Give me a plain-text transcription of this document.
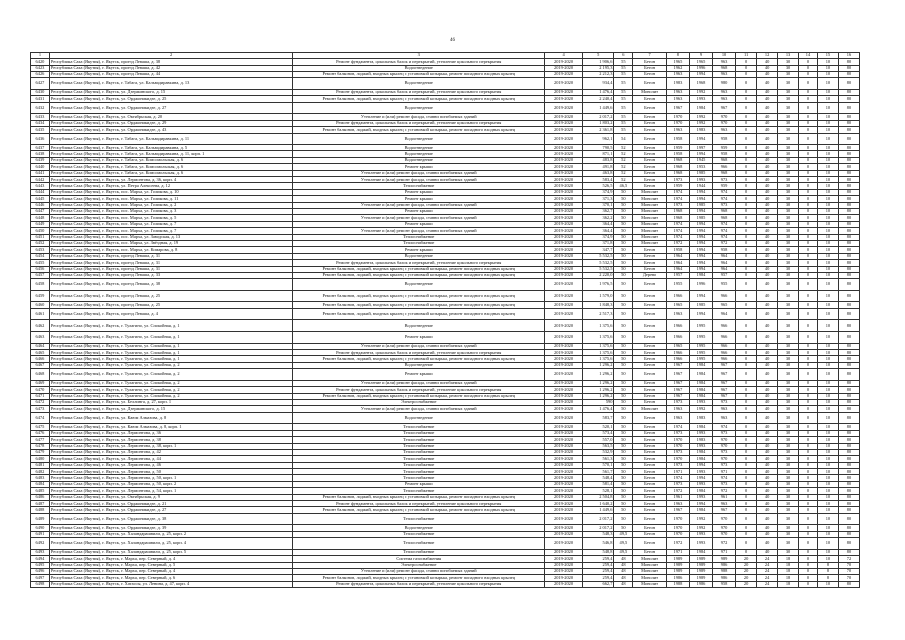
46
1	2	3	4	5	6	7	8	9	10	11	12	13	14	15	16
6420	Республика Саха (Якутия), г. Якутск, проезд Леваша, д. 38	Ремонт фундамента, цокольных балок и перекрытий, утепление цокольного перекрытия	2019-2020	1 906,6	55	Бетон	1965	1965	963	0	40	30	0	10	80
6423	Республика Саха (Якутия), г. Якутск, проезд Леваша, д. 42	Водоотведение	2019-2020	2 195,3	55	Бетон	1962	1996	968	0	40	30	0	10	80
6426	Республика Саха (Якутия), г. Якутск, проезд Леваша, д. 44	Ремонт балконов, лоджий, входных крылец с установкой козырька, ремонт попадного входных крылец	2019-2020	2 212,3	55	Бетон	1963	1994	963	0	40	30	0	10	80
6427	Республика Саха (Якутия), г. Якутск, г. Табага, ул. Кальвадиравкина, д. 13	Водоотведение	2019-2020	934,4	55	Бетон	1983	1968	980	0	40	30	0	10	80
6430	Республика Саха (Якутия), г. Якутск, ул. Дзержинского, д. 15	Ремонт фундамента, цокольных балок и перекрытий, утепление цокольного перекрытия	2019-2020	1 476,4	55	Монолит	1963	1992	963	0	40	30	0	10	80
6431	Республика Саха (Якутия), г. Якутск, ул. Орджоникидзе, д. 25	Ремонт балконов, лоджий, входных крылец с установкой козырька, ремонт попадного входных крылец	2019-2020	2 240,4	55	Бетон	1963	1993	963	0	40	30	0	10	80
6432	Республика Саха (Якутия), г. Якутск, ул. Орджоникидзе, д. 27	Водоотведение	2019-2020	1 449,6	55	Бетон	1967	1984	967	0	40	30	0	10	80
6433	Республика Саха (Якутия), г. Якутск, ул. Октябрьская, д. 20	Утепление и (или) ремонт фасада, ставни погибаемых зданий	2019-2020	2 017,2	55	Бетон	1970	1992	970	0	40	30	0	10	80
6434	Республика Саха (Якутия), г. Якутск, ул. Орджоникидзе, д. 29	Ремонт фундамента, цокольных балок и перекрытий, утепление цокольного перекрытия	2019-2020	1 803,2	55	Бетон	1970	1992	970	0	40	30	0	10	80
6435	Республика Саха (Якутия), г. Якутск, ул. Орджоникидзе, д. 43	Ремонт балконов, лоджий, входных крылец с установкой козырька, ремонт попадного входных крылец	2019-2020	2 361,8	55	Бетон	1963	1983	963	0	40	30	0	10	80
6436	Республика Саха (Якутия), г. Якутск, г. Табага, ул. Кальвадиравкина, д. 11	Водоотведение	2019-2020	962,1	54	Бетон	1958	1994	958	0	40	30	0	10	80
6437	Республика Саха (Якутия), г. Якутск, г. Табага, ул. Кальвадиравкина, д. 5	Водоотведение	2019-2020	790,5	52	Бетон	1959	1997	959	0	40	30	0	10	80
6438	Республика Саха (Якутия), г. Якутск, г. Табага, ул. Кальвадиравкина, д. 11, корп. 1	Водоотведение	2019-2020	871,1	52	Бетон	1958	1994	958	0	40	30	0	10	80
6439	Республика Саха (Якутия), г. Якутск, г. Табага, ул. Комсомольская, д. 6	Водоотведение	2019-2020	483,8	52	Бетон	1968	1945	968	0	40	30	0	10	80
6440	Республика Саха (Якутия), г. Якутск, г. Табага, ул. Комсомольская, д. 6	Ремонт крыши	2019-2020	491,8	52	Бетон	1968	1953	966	0	40	30	0	10	80
6441	Республика Саха (Якутия), г. Якутск, г. Табага, ул. Комсомольская, д. 6	Утепление и (или) ремонт фасада, ставни погибаемых зданий	2019-2020	463,8	52	Бетон	1968	1985	968	0	40	30	0	10	80
6442	Республика Саха (Якутия), г. Якутск, ул. Лермонтова, д. 36, корп. 4	Утепление и (или) ремонт фасада, ставни погибаемых зданий	2019-2020	583,4	52	Бетон	1973	1993	973	0	40	30	0	10	80
6443	Республика Саха (Якутия), г. Якутск, ул. Петра Алексеева, д. 12	Теплоснабжение	2019-2020	526,5	46,5	Бетон	1959	1944	959	0	40	30	0	10	80
6444	Республика Саха (Якутия), г. Якутск, пос. Марха, ул. Голикова, д. 10	Ремонт крыши	2019-2020	374,9	50	Монолит	1974	1994	974	0	40	30	0	10	80
6445	Республика Саха (Якутия), г. Якутск, пос. Марха, ул. Голикова, д. 11	Ремонт крыши	2019-2020	371,3	50	Монолит	1974	1994	974	0	40	30	0	10	80
6446	Республика Саха (Якутия), г. Якутск, пос. Марха, ул. Голикова, д. 2	Утепление и (или) ремонт фасада, ставни погибаемых зданий	2019-2020	370,1	50	Монолит	1973	1985	973	0	40	30	0	10	80
6447	Республика Саха (Якутия), г. Якутск, пос. Марха, ул. Голикова, д. 3	Ремонт крыши	2019-2020	362,7	50	Монолит	1968	1994	968	0	40	30	0	10	80
6448	Республика Саха (Якутия), г. Якутск, пос. Марха, ул. Голикова, д. 5	Утепление и (или) ремонт фасада, ставни погибаемых зданий	2019-2020	362,2	50	Монолит	1968	1985	968	0	40	30	0	10	80
6449	Республика Саха (Якутия), г. Якутск, пос. Марха, ул. Голикова, д. 7	Ремонт крыши	2019-2020	364,4	50	Монолит	1974	1994	974	0	40	30	0	10	80
6450	Республика Саха (Якутия), г. Якутск, пос. Марха, ул. Голикова, д. 7	Утепление и (или) ремонт фасада, ставни погибаемых зданий	2019-2020	364,4	50	Монолит	1974	1994	974	0	40	30	0	10	80
6451	Республика Саха (Якутия), г. Якутск, пос. Марха, ул. Заводская, д. 13	Теплоснабжение	2019-2020	374,9	50	Монолит	1974	1994	974	0	40	30	0	10	80
6452	Республика Саха (Якутия), г. Якутск, пос. Марха, ул. Звёздная, д. 19	Теплоснабжение	2019-2020	371,8	50	Монолит	1972	1994	972	0	40	30	0	10	80
6453	Республика Саха (Якутия), г. Якутск, пос. Марха, ул. Комарова, д. 8	Ремонт крыши	2019-2020	347,7	50	Бетон	1958	1994	958	0	40	30	0	10	80
6454	Республика Саха (Якутия), г. Якутск, проезд Леваша, д. 31	Водоотведение	2019-2020	5 532,5	50	Бетон	1964	1994	964	0	40	30	0	10	80
6455	Республика Саха (Якутия), г. Якутск, проезд Леваша, д. 31	Ремонт фундамента, цокольных балок и перекрытий, утепление цокольного перекрытия	2019-2020	5 532,5	50	Бетон	1964	1994	964	0	40	30	0	10	80
6456	Республика Саха (Якутия), г. Якутск, проезд Леваша, д. 31	Ремонт балконов, лоджий, входных крылец с установкой козырька, ремонт попадного входных крылец	2019-2020	5 532,5	50	Бетон	1964	1994	964	0	40	30	0	10	80
6457	Республика Саха (Якутия), г. Якутск, проезд Леваша, д. 33	Ремонт балконов, лоджий, входных крылец с установкой козырька, ремонт попадного входных крылец	2019-2020	2 220,0	50	Дерево	1957	1984	957	0	40	30	0	10	80
6458	Республика Саха (Якутия), г. Якутск, проезд Леваша, д. 38	Водоотведение	2019-2020	1 976,5	50	Бетон	1955	1996	955	0	40	30	0	10	80
6459	Республика Саха (Якутия), г. Якутск, проезд Леваша, д. 25	Ремонт балконов, лоджий, входных крылец с установкой козырька, ремонт попадного входных крылец	2019-2020	1 579,0	50	Бетон	1966	1994	966	0	40	30	0	10	80
6460	Республика Саха (Якутия), г. Якутск, проезд Леваша, д. 25	Ремонт балконов, лоджий, входных крылец с установкой козырька, ремонт попадного входных крылец	2019-2020	1 848,3	50	Бетон	1965	1985	965	0	40	30	0	10	80
6461	Республика Саха (Якутия), г. Якутск, проезд Леваша, д. 4	Ремонт балконов, лоджий, входных крылец с установкой козырька, ремонт попадного входных крылец	2019-2020	2 517,3	50	Бетон	1963	1994	964	0	40	30	0	10	80
6462	Республика Саха (Якутия), г. Якутск, г. Тулагино, ул. Спокойная, д. 1	Водоотведение	2019-2020	1 375,6	50	Бетон	1966	1995	966	0	40	30	0	10	80
6463	Республика Саха (Якутия), г. Якутск, г. Тулагино, ул. Спокойная, д. 1	Ремонт крыши	2019-2020	1 375,6	50	Бетон	1966	1995	966	0	40	30	0	10	80
6464	Республика Саха (Якутия), г. Якутск, г. Тулагино, ул. Спокойная, д. 1	Утепление и (или) ремонт фасада, ставни погибаемых зданий	2019-2020	1 375,6	50	Бетон	1965	1995	966	0	40	30	0	10	80
6465	Республика Саха (Якутия), г. Якутск, г. Тулагино, ул. Спокойная, д. 1	Ремонт фундамента, цокольных балок и перекрытий, утепление цокольного перекрытия	2019-2020	1 375,6	50	Бетон	1966	1995	966	0	40	30	0	10	80
6466	Республика Саха (Якутия), г. Якутск, г. Тулагино, ул. Спокойная, д. 1	Ремонт балконов, лоджий, входных крылец с установкой козырька, ремонт попадного входных крылец	2019-2020	1 375,6	50	Бетон	1966	1995	966	0	40	30	0	10	80
6467	Республика Саха (Якутия), г. Якутск, г. Тулагино, ул. Спокойная, д. 2	Водоотведение	2019-2020	1 296,2	50	Бетон	1967	1984	967	0	40	30	0	10	80
6468	Республика Саха (Якутия), г. Якутск, г. Тулагино, ул. Спокойная, д. 2	Ремонт крыши	2019-2020	1 296,2	50	Бетон	1967	1984	967	0	40	30	0	10	80
6469	Республика Саха (Якутия), г. Якутск, г. Тулагино, ул. Спокойная, д. 2	Утепление и (или) ремонт фасада, ставни погибаемых зданий	2019-2020	1 296,2	50	Бетон	1967	1984	967	0	40	30	0	10	80
6470	Республика Саха (Якутия), г. Якутск, г. Тулагино, ул. Спокойная, д. 2	Ремонт фундамента, цокольных балок и перекрытий, утепление цокольного перекрытия	2019-2020	1 296,2	50	Бетон	1967	1984	967	0	40	30	0	10	80
6471	Республика Саха (Якутия), г. Якутск, г. Тулагино, ул. Спокойная, д. 2	Ремонт балконов, лоджий, входных крылец с установкой козырька, ремонт попадного входных крылец	2019-2020	1 296,2	50	Бетон	1967	1984	967	0	40	30	0	10	80
6472	Республика Саха (Якутия), г. Якутск, ул. Беллинга, д. 27, корп. 1	Электроснабжение	2019-2020	590	50	Бетон	1973	1993	973	0	40	30	0	10	80
6473	Республика Саха (Якутия), г. Якутск, ул. Дзержинского, д. 15	Утепление и (или) ремонт фасада, ставни погибаемых зданий	2019-2020	1 476,4	50	Монолит	1963	1992	963	0	40	30	0	10	80
6474	Республика Саха (Якутия), г. Якутск, ул. Каюм Алмазова, д. 8	Водоотведение	2019-2020	583,7	50	Бетон	1963	1983	963	0	40	30	0	10	80
6475	Республика Саха (Якутия), г. Якутск, ул. Каюм Алмазова, д. 8, корп. 1	Теплоснабжение	2019-2020	520,1	50	Бетон	1974	1984	974	0	40	30	0	10	80
6476	Республика Саха (Якутия), г. Якутск, ул. Лермонтова, д. 36	Теплоснабжение	2019-2020	573,4	50	Бетон	1973	1993	973	0	40	30	0	10	80
6477	Республика Саха (Якутия), г. Якутск, ул. Лермонтова, д. 38	Теплоснабжение	2019-2020	557,0	50	Бетон	1970	1983	970	0	40	30	0	10	80
6478	Республика Саха (Якутия), г. Якутск, ул. Лермонтова, д. 38, корп. 1	Теплоснабжение	2019-2020	563,5	50	Бетон	1970	1993	970	0	40	30	0	10	80
6479	Республика Саха (Якутия), г. Якутск, ул. Лермонтова, д. 42	Теплоснабжение	2019-2020	532,9	50	Бетон	1973	1984	973	0	40	30	0	10	80
6480	Республика Саха (Якутия), г. Якутск, ул. Лермонтова, д. 44	Теплоснабжение	2019-2020	561,3	50	Бетон	1970	1984	970	0	40	30	0	10	80
6481	Республика Саха (Якутия), г. Якутск, ул. Лермонтова, д. 46	Теплоснабжение	2019-2020	570,1	50	Бетон	1973	1994	973	0	40	30	0	10	80
6482	Республика Саха (Якутия), г. Якутск, ул. Лермонтова, д. 50	Теплоснабжение	2019-2020	561,7	50	Бетон	1971	1993	971	0	40	30	0	10	80
6483	Республика Саха (Якутия), г. Якутск, ул. Лермонтова, д. 50, корп. 1	Теплоснабжение	2019-2020	548,4	50	Бетон	1974	1994	974	0	40	30	0	10	80
6484	Республика Саха (Якутия), г. Якутск, ул. Лермонтова, д. 50, корп. 2	Ремонт крыши	2019-2020	581,4	50	Бетон	1973	1993	973	0	40	30	0	10	80
6485	Республика Саха (Якутия), г. Якутск, ул. Лермонтова, д. 54, корп. 1	Теплоснабжение	2019-2020	528,1	50	Бетон	1972	1984	972	0	40	30	0	10	80
6486	Республика Саха (Якутия), г. Якутск, ул. Октябрьская, д. 9	Ремонт балконов, лоджий, входных крылец с установкой козырька, ремонт попадного входных крылец	2019-2020	2 504,8	50	Бетон	1961	1993	961	0	40	30	0	10	80
6487	Республика Саха (Якутия), г. Якутск, ул. Орджоникидзе, д. 21	Ремонт фундамента, цокольных балок и перекрытий, утепление цокольного перекрытия	2019-2020	1 640,2	50	Бетон	1963	1994	963	0	40	30	0	10	80
6488	Республика Саха (Якутия), г. Якутск, ул. Орджоникидзе, д. 27	Ремонт балконов, лоджий, входных крылец с установкой козырька, ремонт попадного входных крылец	2019-2020	1 449,6	50	Бетон	1967	1984	967	0	40	30	0	10	80
6489	Республика Саха (Якутия), г. Якутск, ул. Орджоникидзе, д. 38	Теплоснабжение	2019-2020	2 017,2	50	Бетон	1970	1992	970	0	40	30	0	10	80
6490	Республика Саха (Якутия), г. Якутск, ул. Орджоникидзе, д. 39	Водоотведение	2019-2020	2 017,2	50	Бетон	1970	1992	970	0	40	30	0	10	80
6491	Республика Саха (Якутия), г. Якутск, ул. Халандарашвили, д. 25, корп. 2	Теплоснабжение	2019-2020	548,3	49,5	Бетон	1970	1993	970	0	40	30	0	10	80
6492	Республика Саха (Якутия), г. Якутск, ул. Халандарашвили, д. 25, корп. 4	Теплоснабжение	2019-2020	546,8	49,5	Бетон	1972	1993	972	0	40	30	0	10	80
6493	Республика Саха (Якутия), г. Якутск, ул. Халандарашвили, д. 25, корп. 5	Теплоснабжение	2019-2020	548,8	49,5	Бетон	1971	1984	971	0	40	30	0	10	80
6494	Республика Саха (Якутия), г. Якутск, г. Марха, пер. Северный, д. 4	Система газоснабжения	2019-2020	259,4	48	Монолит	1989	1989	989	20	24	18	0	10	72
6495	Республика Саха (Якутия), г. Якутск, г. Марха, пер. Северный, д. 5	Электроснабжение	2019-2020	259,4	48	Монолит	1989	1989	986	20	24	18	0	8	70
6496	Республика Саха (Якутия), г. Якутск, г. Марха, пер. Северный, д. 4	Утепление и (или) ремонт фасада, ставни погибаемых зданий	2019-2020	259,4	48	Монолит	1989	1989	988	20	24	18	0	8	70
6497	Республика Саха (Якутия), г. Якутск, г. Марха, пер. Северный, д. 6	Ремонт балконов, лоджий, входных крылец с установкой козырька, ремонт попадного входных крылец	2019-2020	259,4	48	Монолит	1986	1989	986	20	24	18	0	8	70
6498	Республика Саха (Якутия), г. Якутск, г. Хатассы, ул. Ленина, д. 47, корп. 4	Ремонт фундамента, цокольных балок и перекрытий, утепление цокольного перекрытия	2019-2020	662,7	48	Монолит	1988	1986	958	20	24	18	0	10	80
